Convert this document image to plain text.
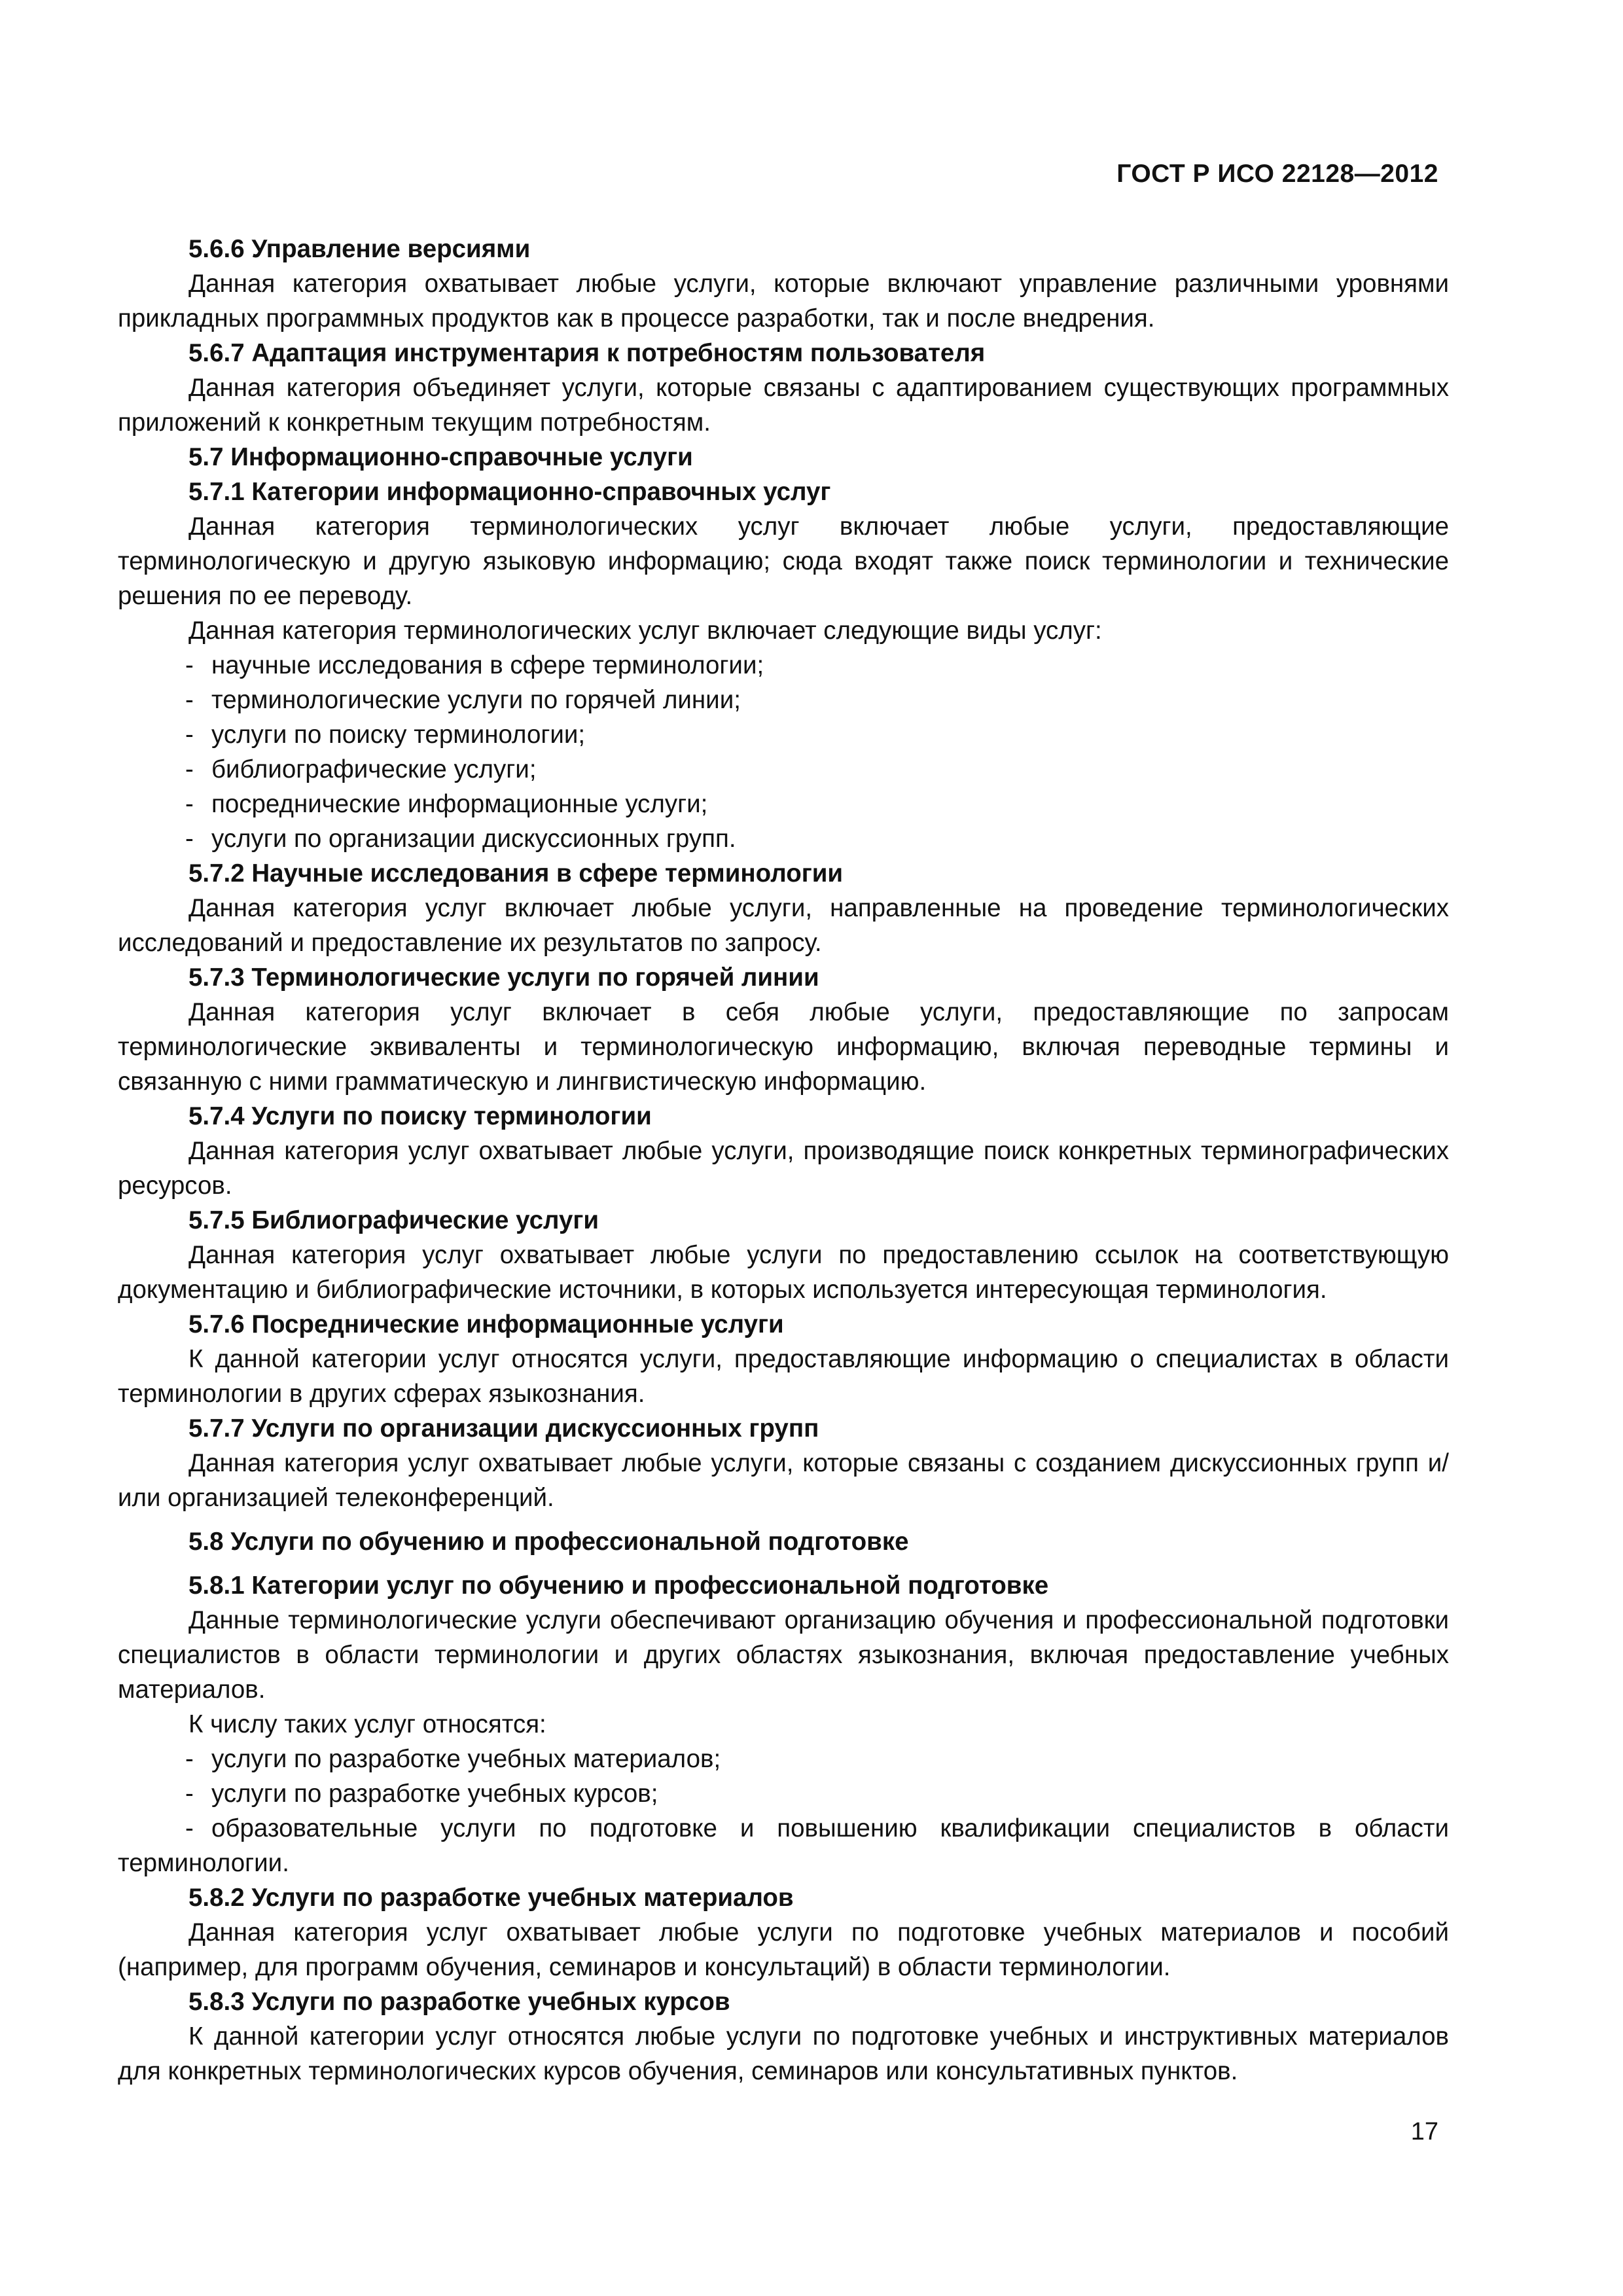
ГОСТ Р ИСО 22128—2012
5.6.6 Управление версиями
Данная категория охватывает любые услуги, которые включают управление различными уровнями прикладных программных продуктов как в процессе разработки, так и после внедрения.
5.6.7 Адаптация инструментария к потребностям пользователя
Данная категория объединяет услуги, которые связаны с адаптированием существующих программных приложений к конкретным текущим потребностям.
5.7 Информационно-справочные услуги
5.7.1 Категории информационно-справочных услуг
Данная категория терминологических услуг включает любые услуги, предоставляющие терминологическую и другую языковую информацию; сюда входят также поиск терминологии и технические решения по ее переводу.
Данная категория терминологических услуг включает следующие виды услуг:
- научные исследования в сфере терминологии;
- терминологические услуги по горячей линии;
- услуги по поиску терминологии;
- библиографические услуги;
- посреднические информационные услуги;
- услуги по организации дискуссионных групп.
5.7.2 Научные исследования в сфере терминологии
Данная категория услуг включает любые услуги, направленные на проведение терминологических исследований и предоставление их результатов по запросу.
5.7.3 Терминологические услуги по горячей линии
Данная категория услуг включает в себя любые услуги, предоставляющие по запросам терминологические эквиваленты и терминологическую информацию, включая переводные термины и связанную с ними грамматическую и лингвистическую информацию.
5.7.4 Услуги по поиску терминологии
Данная категория услуг охватывает любые услуги, производящие поиск конкретных терминографических ресурсов.
5.7.5 Библиографические услуги
Данная категория услуг охватывает любые услуги по предоставлению ссылок на соответствующую документацию и библиографические источники, в которых используется интересующая терминология.
5.7.6 Посреднические информационные услуги
К данной категории услуг относятся услуги, предоставляющие информацию о специалистах в области терминологии в других сферах языкознания.
5.7.7 Услуги по организации дискуссионных групп
Данная категория услуг охватывает любые услуги, которые связаны с созданием дискуссионных групп и/или организацией телеконференций.
5.8 Услуги по обучению и профессиональной подготовке
5.8.1 Категории услуг по обучению и профессиональной подготовке
Данные терминологические услуги обеспечивают организацию обучения и профессиональной подготовки специалистов в области терминологии и других областях языкознания, включая предоставление учебных материалов.
К числу таких услуг относятся:
- услуги по разработке учебных материалов;
- услуги по разработке учебных курсов;
- образовательные услуги по подготовке и повышению квалификации специалистов в области терминологии.
5.8.2 Услуги по разработке учебных материалов
Данная категория услуг охватывает любые услуги по подготовке учебных материалов и пособий (например, для программ обучения, семинаров и консультаций) в области терминологии.
5.8.3 Услуги по разработке учебных курсов
К данной категории услуг относятся любые услуги по подготовке учебных и инструктивных материалов для конкретных терминологических курсов обучения, семинаров или консультативных пунктов.
17
